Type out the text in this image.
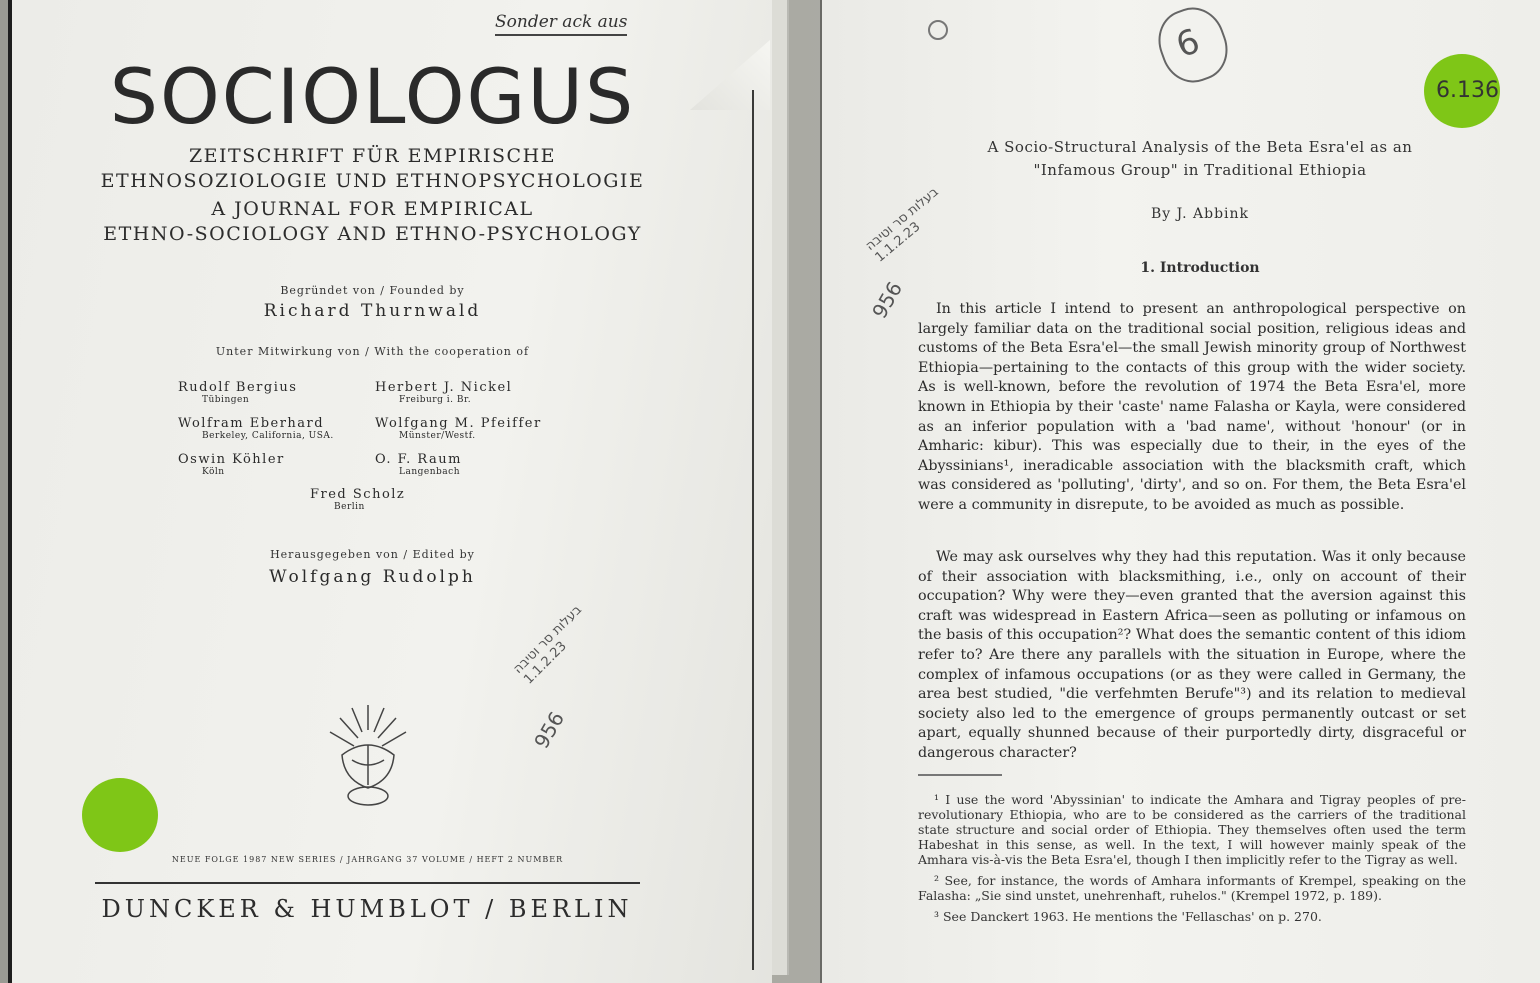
Sonder ack aus
SOCIOLOGUS
ZEITSCHRIFT FÜR EMPIRISCHE
ETHNOSOZIOLOGIE UND ETHNOPSYCHOLOGIE
A JOURNAL FOR EMPIRICAL
ETHNO-SOCIOLOGY AND ETHNO-PSYCHOLOGY
Begründet von / Founded by
Richard Thurnwald
Unter Mitwirkung von / With the cooperation of
Rudolf Bergius
Tübingen
Herbert J. Nickel
Freiburg i. Br.
Wolfram Eberhard
Berkeley, California, USA.
Wolfgang M. Pfeiffer
Münster/Westf.
Oswin Köhler
Köln
O. F. Raum
Langenbach
Fred Scholz
Berlin
Herausgegeben von / Edited by
Wolfgang Rudolph
בעלות סר וטיבה
1.1.2.23
956
NEUE FOLGE 1987 NEW SERIES / JAHRGANG 37 VOLUME / HEFT 2 NUMBER
DUNCKER & HUMBLOT / BERLIN
6
6.136
בעלות סר וטיבה
1.1.2.23
956
A Socio-Structural Analysis of the Beta Esra'el as an
"Infamous Group" in Traditional Ethiopia
By J. Abbink
1. Introduction

In this article I intend to present an anthropological perspective on largely familiar data on the traditional social position, religious ideas and customs of the Beta Esra'el—the small Jewish minority group of Northwest Ethiopia—pertaining to the contacts of this group with the wider society. As is well-known, before the revolution of 1974 the Beta Esra'el, more known in Ethiopia by their 'caste' name Falasha or Kayla, were considered as an inferior population with a 'bad name', without 'honour' (or in Amharic: kibur). This was especially due to their, in the eyes of the Abyssinians¹, ineradicable association with the blacksmith craft, which was considered as 'polluting', 'dirty', and so on. For them, the Beta Esra'el were a community in disrepute, to be avoided as much as possible.

We may ask ourselves why they had this reputation. Was it only because of their association with blacksmithing, i.e., only on account of their occupation? Why were they—even granted that the aversion against this craft was widespread in Eastern Africa—seen as polluting or infamous on the basis of this occupation²? What does the semantic content of this idiom refer to? Are there any parallels with the situation in Europe, where the complex of infamous occupations (or as they were called in Germany, the area best studied, "die verfehmten Berufe"³) and its relation to medieval society also led to the emergence of groups permanently outcast or set apart, equally shunned because of their purportedly dirty, disgraceful or dangerous character?

¹ I use the word 'Abyssinian' to indicate the Amhara and Tigray peoples of pre-revolutionary Ethiopia, who are to be considered as the carriers of the traditional state structure and social order of Ethiopia. They themselves often used the term Habeshat in this sense, as well. In the text, I will however mainly speak of the Amhara vis-à-vis the Beta Esra'el, though I then implicitly refer to the Tigray as well.

² See, for instance, the words of Amhara informants of Krempel, speaking on the Falasha: „Sie sind unstet, unehrenhaft, ruhelos." (Krempel 1972, p. 189).

³ See Danckert 1963. He mentions the 'Fellaschas' on p. 270.
